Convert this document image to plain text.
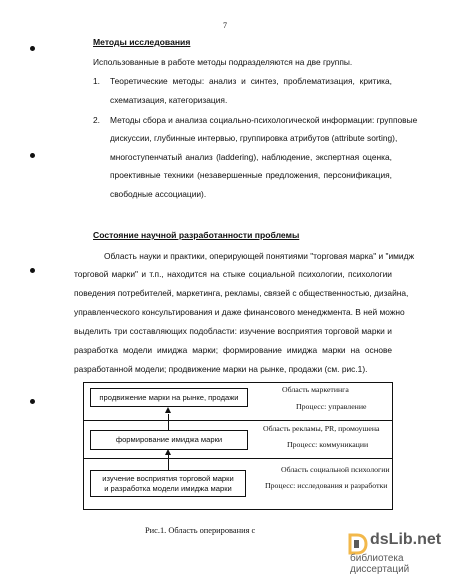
7
Методы исследования
Использованные в работе методы подразделяются на две группы.
1. Теоретические методы: анализ и синтез, проблематизация, критика,
схематизация, категоризация.
2. Методы сбора и анализа социально-психологической информации: групповые
дискуссии, глубинные интервью, группировка атрибутов (attribute sorting),
многоступенчатый анализ (laddering), наблюдение, экспертная оценка,
проективные техники (незавершенные предложения, персонификация,
свободные ассоциации).
Состояние научной разработанности проблемы
Область науки и практики, оперирующей понятиями "торговая марка" и "имидж
торговой марки" и т.п., находится на стыке социальной психологии, психологии
поведения потребителей, маркетинга, рекламы, связей с общественностью, дизайна,
управленческого консультирования и даже финансового менеджмента. В ней можно
выделить три составляющих подобласти: изучение восприятия торговой марки и
разработка модели имиджа марки; формирование имиджа марки на основе
разработанной модели; продвижение марки на рынке, продажи (см. рис.1).
Область маркетинга
Процесс: управление
Область рекламы, PR, промоушена
Процесс: коммуникации
Область социальной психологии
Процесс: исследования и разработки
продвижение марки на рынке, продажи
формирование имиджа марки
изучение восприятия торговой марки
и разработка модели имиджа марки
Рис.1. Область оперирования с
dsLib.net
библиотека диссертаций
